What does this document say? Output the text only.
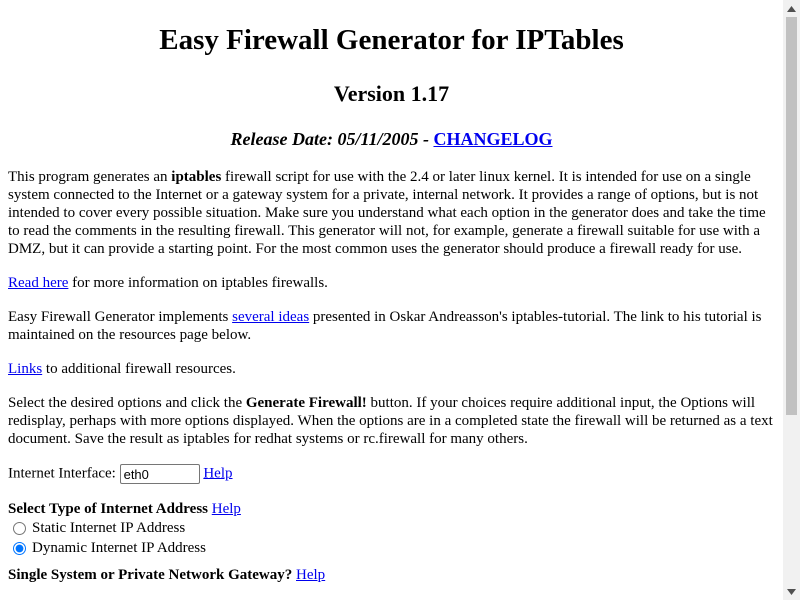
Easy Firewall Generator for IPTables
Version 1.17
Release Date: 05/11/2005 - CHANGELOG

This program generates an iptables firewall script for use with the 2.4 or later linux kernel. It is intended for use on a single system connected to the Internet or a gateway system for a private, internal network. It provides a range of options, but is not intended to cover every possible situation. Make sure you understand what each option in the generator does and take the time to read the comments in the resulting firewall. This generator will not, for example, generate a firewall suitable for use with a DMZ, but it can provide a starting point. For the most common uses the generator should produce a firewall ready for use.

Read here for more information on iptables firewalls.

Easy Firewall Generator implements several ideas presented in Oskar Andreasson's iptables-tutorial. The link to his tutorial is maintained on the resources page below.

Links to additional firewall resources.

Select the desired options and click the Generate Firewall! button. If your choices require additional input, the Options will redisplay, perhaps with more options displayed. When the options are in a completed state the firewall will be returned as a text document. Save the result as iptables for redhat systems or rc.firewall for many others.

Internet Interface: eth0	Help
Select Type of Internet Address Help
Static Internet IP Address
Dynamic Internet IP Address
Single System or Private Network Gateway? Help
